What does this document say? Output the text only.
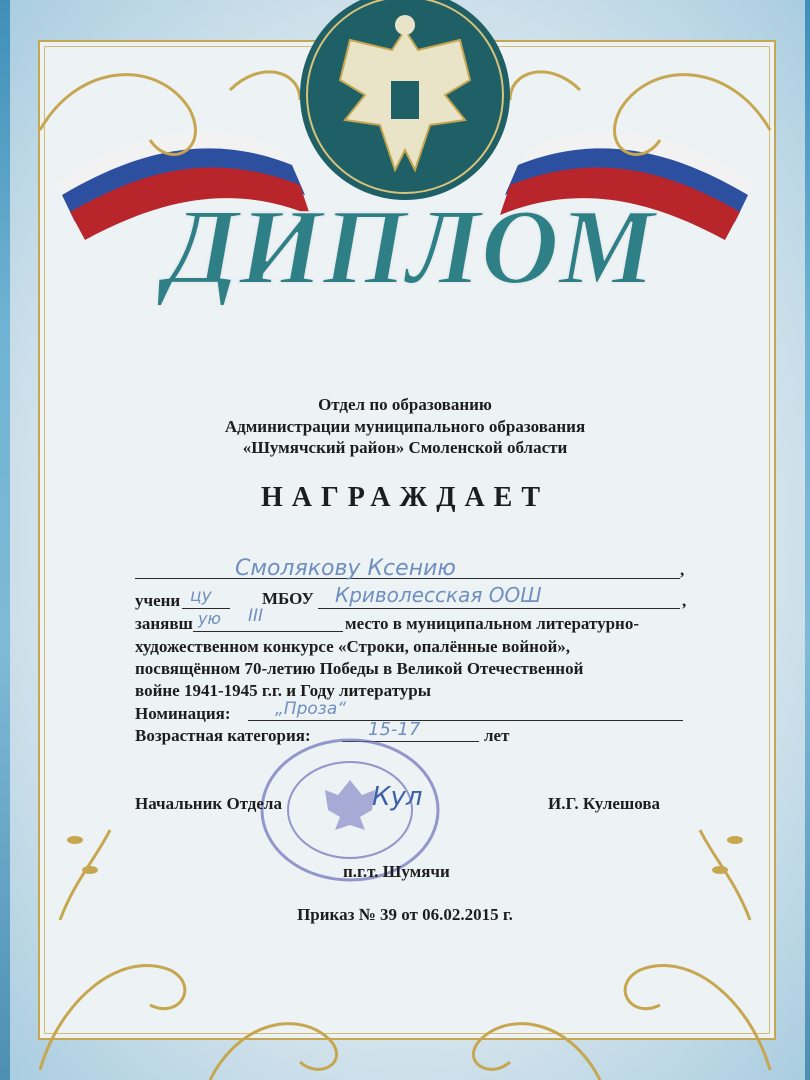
ДИПЛОМ
Отдел по образованию
Администрации муниципального образования
«Шумячский район» Смоленской области
НАГРАЖДАЕТ
Смолякову Ксению	,
учени цу	МБОУ Криволесская ООШ	,
занявш ую III	место в муниципальном литературно-
художественном конкурсе «Строки, опалённые войной»,
посвящённом 70-летию Победы в Великой Отечественной
войне 1941-1945 г.г. и Году литературы
Номинация:	„Проза“
Возрастная категория:	15-17	лет
Начальник Отдела	Кул	И.Г. Кулешова
п.г.т. Шумячи
Приказ № 39 от 06.02.2015 г.
